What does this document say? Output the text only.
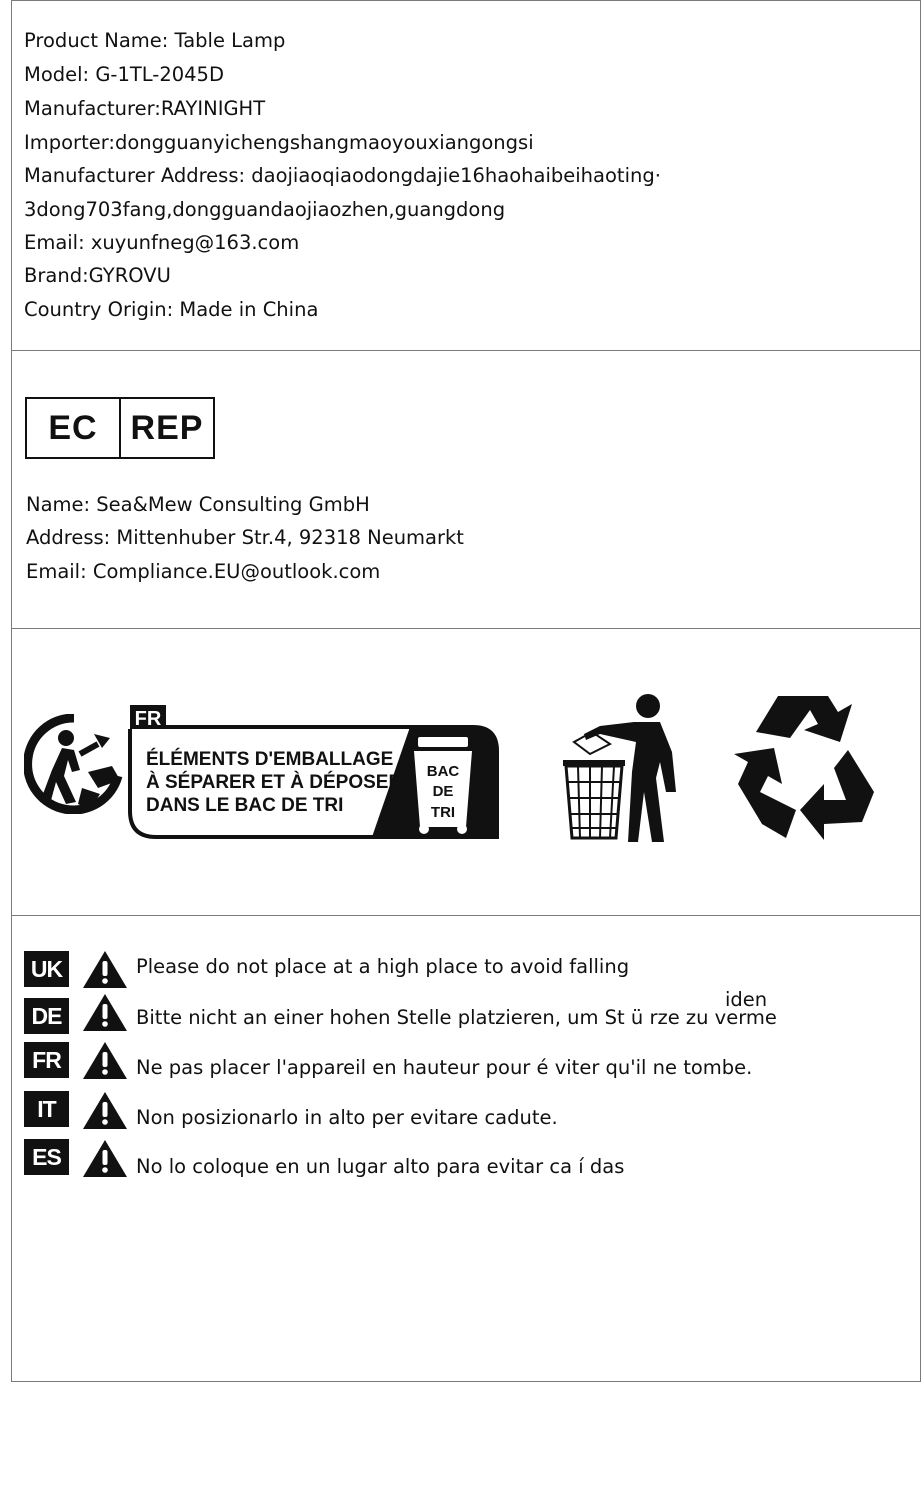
Product Name: Table Lamp
Model: G-1TL-2045D
Manufacturer:RAYINIGHT
Importer:dongguanyichengshangmaoyouxiangongsi
Manufacturer Address: daojiaoqiaodongdajie16haohaibeihaoting·
3dong703fang,dongguandaojiaozhen,guangdong
Email: xuyunfneg@163.com
Brand:GYROVU
Country Origin: Made in China
EC REP
Name: Sea&Mew Consulting GmbH
Address: Mittenhuber Str.4, 92318 Neumarkt
Email: Compliance.EU@outlook.com
FR
ÉLÉMENTS D'EMBALLAGE
À SÉPARER ET À DÉPOSER
DANS LE BAC DE TRI
BAC
DE
TRI
UK	Please do not place at a high place to avoid falling
DE	Bitte nicht an einer hohen Stelle platzieren, um St ü rze zu verme
iden
FR	Ne pas placer l'appareil en hauteur pour é viter qu'il ne tombe.
IT	Non posizionarlo in alto per evitare cadute.
ES	No lo coloque en un lugar alto para evitar ca í das
